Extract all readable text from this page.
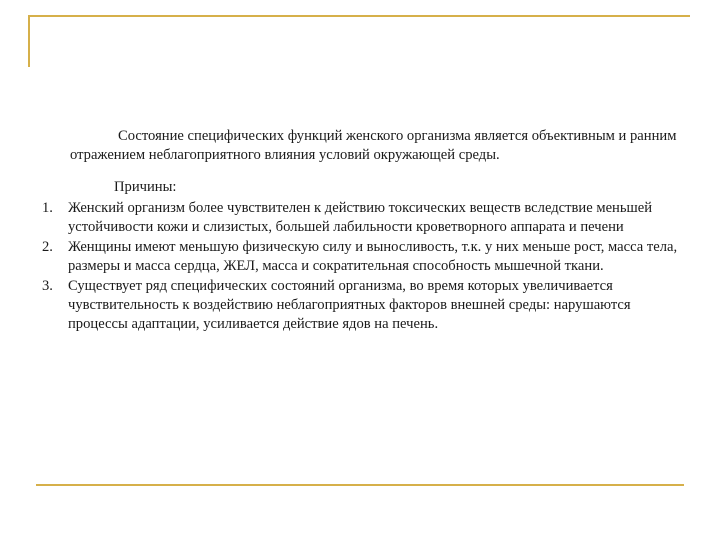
Состояние специфических функций женского организма является объективным и ранним отражением неблагоприятного влияния условий окружающей среды.

Причины:

1. Женский организм более чувствителен к действию токсических веществ вследствие меньшей устойчивости кожи и слизистых, большей лабильности кроветворного аппарата и печени
2. Женщины имеют меньшую физическую силу и выносливость, т.к. у них меньше рост, масса тела, размеры и масса сердца, ЖЕЛ, масса и сократительная способность мышечной ткани.
3. Существует ряд специфических состояний организма, во время которых увеличивается чувствительность к воздействию неблагоприятных факторов внешней среды: нарушаются процессы адаптации, усиливается действие ядов на печень.
